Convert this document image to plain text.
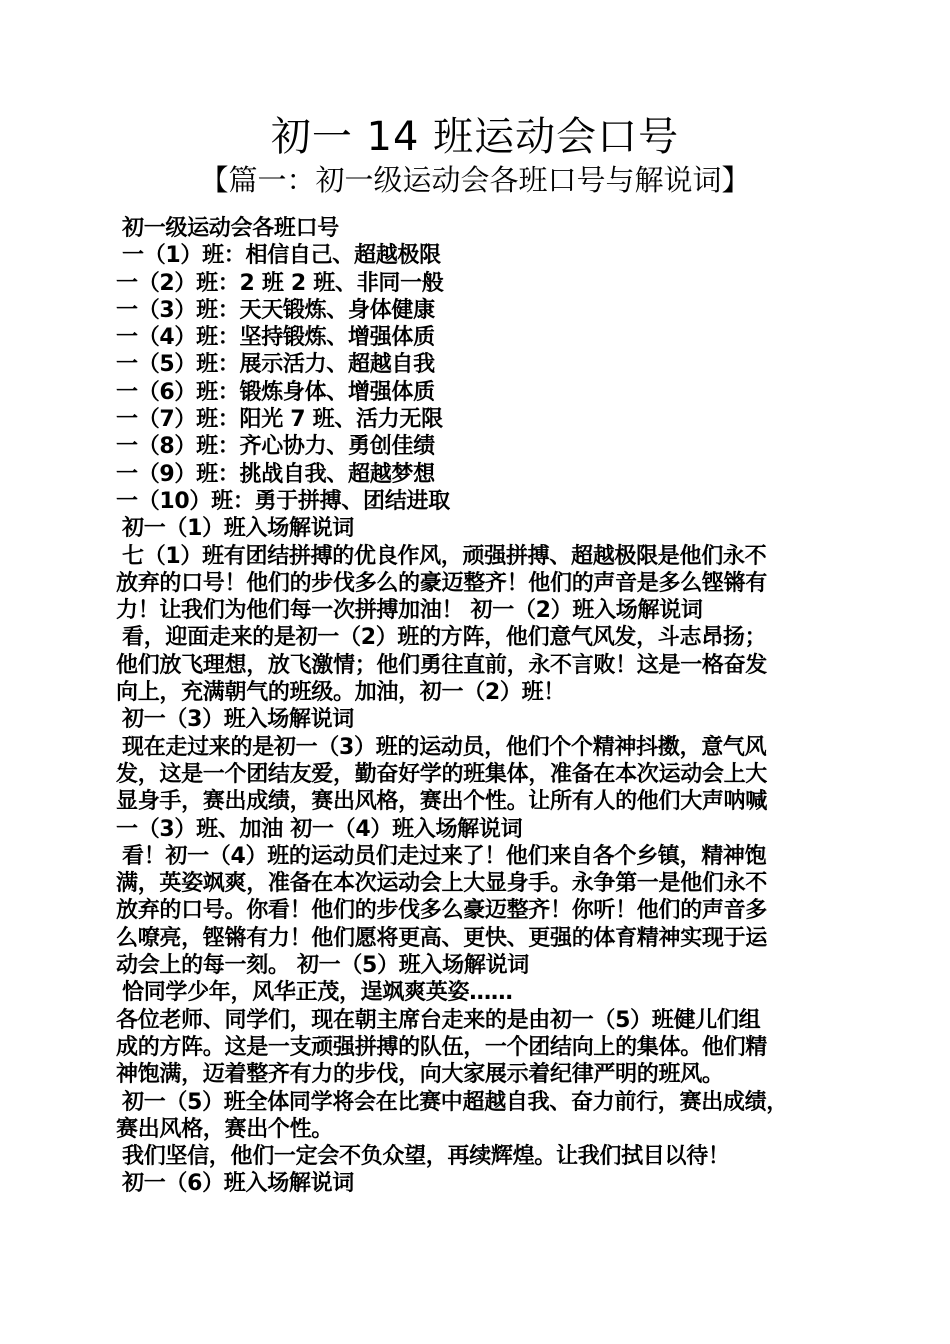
初一 14 班运动会口号
【篇一：初一级运动会各班口号与解说词】
初一级运动会各班口号
一（1）班：相信自己、超越极限
一（2）班：2 班 2 班、非同一般
一（3）班：天天锻炼、身体健康
一（4）班：坚持锻炼、增强体质
一（5）班：展示活力、超越自我
一（6）班：锻炼身体、增强体质
一（7）班：阳光 7 班、活力无限
一（8）班：齐心协力、勇创佳绩
一（9）班：挑战自我、超越梦想
一（10）班：勇于拼搏、团结进取
初一（1）班入场解说词
七（1）班有团结拼搏的优良作风，顽强拼搏、超越极限是他们永不
放弃的口号！他们的步伐多么的豪迈整齐！他们的声音是多么铿锵有
力！让我们为他们每一次拼搏加油！ 初一（2）班入场解说词
看，迎面走来的是初一（2）班的方阵，他们意气风发，斗志昂扬；
他们放飞理想，放飞激情；他们勇往直前，永不言败！这是一格奋发
向上，充满朝气的班级。加油，初一（2）班！
初一（3）班入场解说词
现在走过来的是初一（3）班的运动员，他们个个精神抖擞，意气风
发，这是一个团结友爱，勤奋好学的班集体，准备在本次运动会上大
显身手，赛出成绩，赛出风格，赛出个性。让所有人的他们大声呐喊
一（3）班、加油 初一（4）班入场解说词
看！初一（4）班的运动员们走过来了！他们来自各个乡镇，精神饱
满，英姿飒爽，准备在本次运动会上大显身手。永争第一是他们永不
放弃的口号。你看！他们的步伐多么豪迈整齐！你听！他们的声音多
么嘹亮，铿锵有力！他们愿将更高、更快、更强的体育精神实现于运
动会上的每一刻。 初一（5）班入场解说词
恰同学少年，风华正茂，逞飒爽英姿……
各位老师、同学们，现在朝主席台走来的是由初一（5）班健儿们组
成的方阵。这是一支顽强拼搏的队伍，一个团结向上的集体。他们精
神饱满，迈着整齐有力的步伐，向大家展示着纪律严明的班风。
初一（5）班全体同学将会在比赛中超越自我、奋力前行，赛出成绩，
赛出风格，赛出个性。
我们坚信，他们一定会不负众望，再续辉煌。让我们拭目以待！
初一（6）班入场解说词
